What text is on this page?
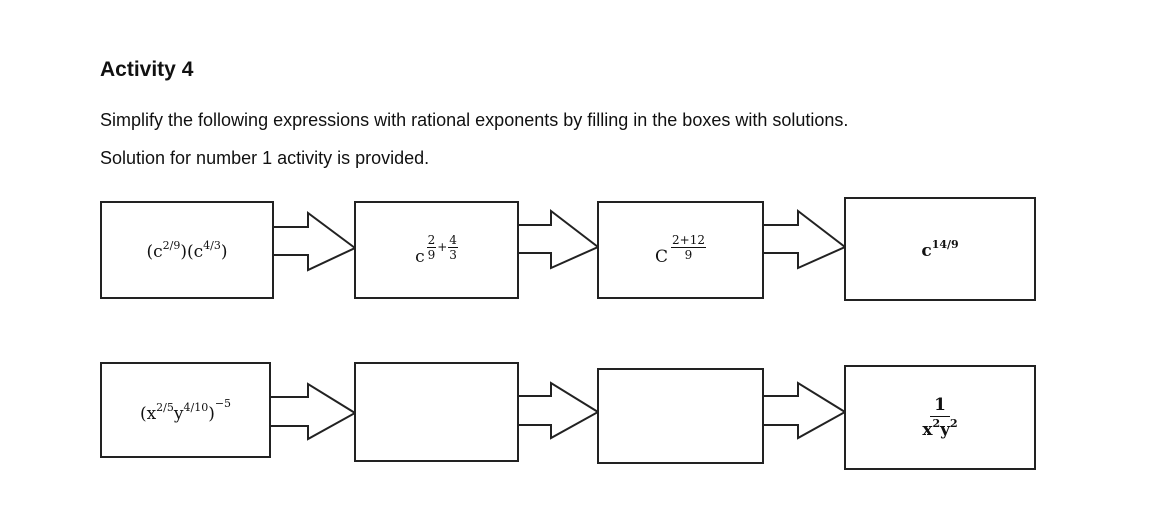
Activity 4
Simplify the following expressions with rational exponents by filling in the boxes with solutions.
Solution for number 1 activity is provided.
$(c^{2/9})(c^{4/3})$	c $\frac{2}{9} + \frac{4}{3}$	C $\frac{2+12}{9}$	$c^{14/9}$
$(x^{2/5}y^{4/10})^{-5}$	$\frac{1}{x^2y^2}$
